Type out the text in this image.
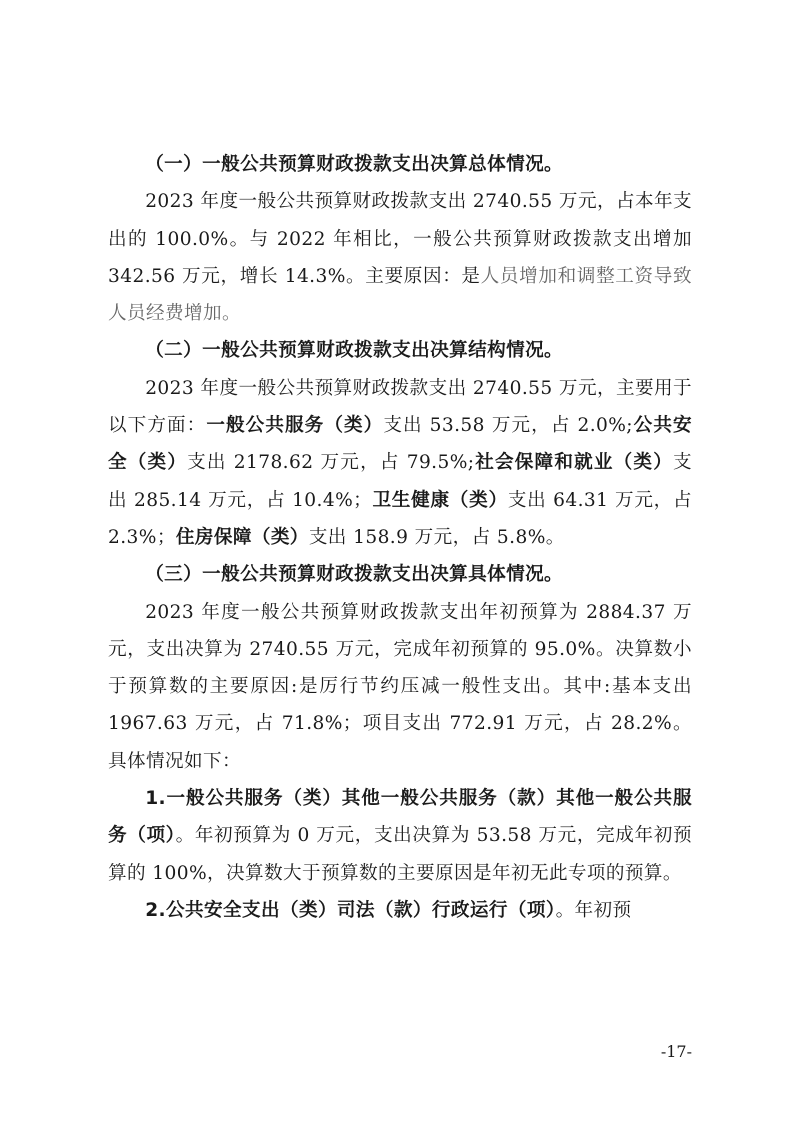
（一）一般公共预算财政拨款支出决算总体情况。

2023 年度一般公共预算财政拨款支出 2740.55 万元，占本年支出的 100.0%。与 2022 年相比，一般公共预算财政拨款支出增加 342.56 万元，增长 14.3%。主要原因：是人员增加和调整工资导致人员经费增加。

（二）一般公共预算财政拨款支出决算结构情况。

2023 年度一般公共预算财政拨款支出 2740.55 万元，主要用于以下方面：一般公共服务（类）支出 53.58 万元，占 2.0%;公共安全（类）支出 2178.62 万元，占 79.5%;社会保障和就业（类）支出 285.14 万元，占 10.4%；卫生健康（类）支出 64.31 万元，占 2.3%；住房保障（类）支出 158.9 万元，占 5.8%。

（三）一般公共预算财政拨款支出决算具体情况。

2023 年度一般公共预算财政拨款支出年初预算为 2884.37 万元，支出决算为 2740.55 万元，完成年初预算的 95.0%。决算数小于预算数的主要原因:是厉行节约压减一般性支出。其中:基本支出 1967.63 万元，占 71.8%；项目支出 772.91 万元，占 28.2%。具体情况如下：

1.一般公共服务（类）其他一般公共服务（款）其他一般公共服务（项）。年初预算为 0 万元，支出决算为 53.58 万元，完成年初预算的 100%，决算数大于预算数的主要原因是年初无此专项的预算。

2.公共安全支出（类）司法（款）行政运行（项）。年初预

-17-
